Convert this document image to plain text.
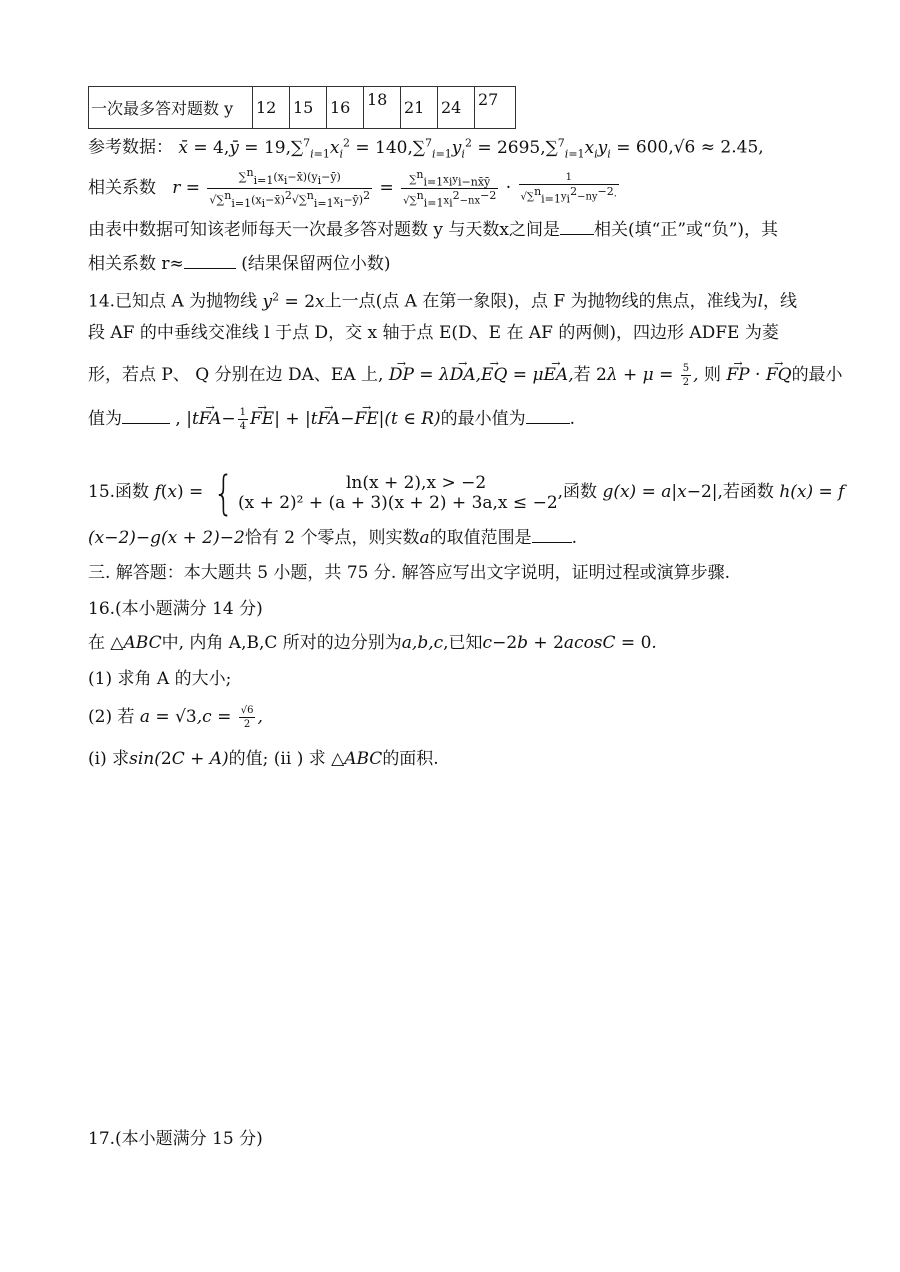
一次最多答对题数 y	12	15	16	18	21	24	27
参考数据： x̄ = 4,ȳ = $19,\sum^7_{i=1}x_i^2 = 140,\sum^7_{i=1}y_i^2 = 2695,\sum^7_{i=1}x_iy_i = 600,√6 \approx 2.45$,
相关系数 $r = \frac{\sum^n_{i=1}(x_i-x̄)(y_i-ȳ)}{√\sum^n_{i=1}(x_i-x̄)^2√\sum^n_{i=1}x_i-ȳ)^2} = \frac{\sum^n_{i=1}x_iy_{i-nx̄ȳ}}{√\sum^n_{i=1}x_i^2-nx^{-2}} \cdot \frac{1}{√\sum^n_{i=1}y_i^2-ny^{-2}\cdot}$
由表中数据可知该老师每天一次最多答对题数 y 与天数x之间是 相关(填“正”或“负”)，其
相关系数 r≈	(结果保留两位小数)
14.已知点 A 为抛物线 $y^2 = 2x$上一点(点 A 在第一象限)，点 F 为抛物线的焦点，准线为l，线
段 AF 的中垂线交准线 l 于点 D，交 x 轴于点 E(D、E 在 AF 的两侧)，四边形 ADFE 为菱
形，若点 P、 Q 分别在边 DA、EA 上, → DP = λ→ DA,→ EQ = μ→ EA,若 $2\lambda + \mu = \frac{5}{2}$ , 则 → FP · → FQ的最小
值为	, $|t\to FA- \frac{1}{4}$
→ FE| + |t→ FA−→ FE|(t ∈ R)的最小值为	.
15.函数 f(x) = {	ln(x + 2),x > −2
(x + 2)² + (a + 3)(x + 2) + 3a,x ≤ −2
,函数 g(x) = a|x−2|,若函数 h(x) = f
(x−2)−g(x + 2)−2恰有 2 个零点，则实数a的取值范围是 .
三. 解答题：本大题共 5 小题，共 75 分. 解答应写出文字说明，证明过程或演算步骤.
16.(本小题满分 14 分)
在 △ABC中, 内角 A,B,C 所对的边分别为a,b,c,已知c−2b + 2acosC = 0.
(1) 求角 A 的大小;
(2) 若 $a = √3,c = \frac{√6}{2}$ ,
(i) 求sin(2C + A)的值; (ii ) 求 △ABC的面积.
17.(本小题满分 15 分)
